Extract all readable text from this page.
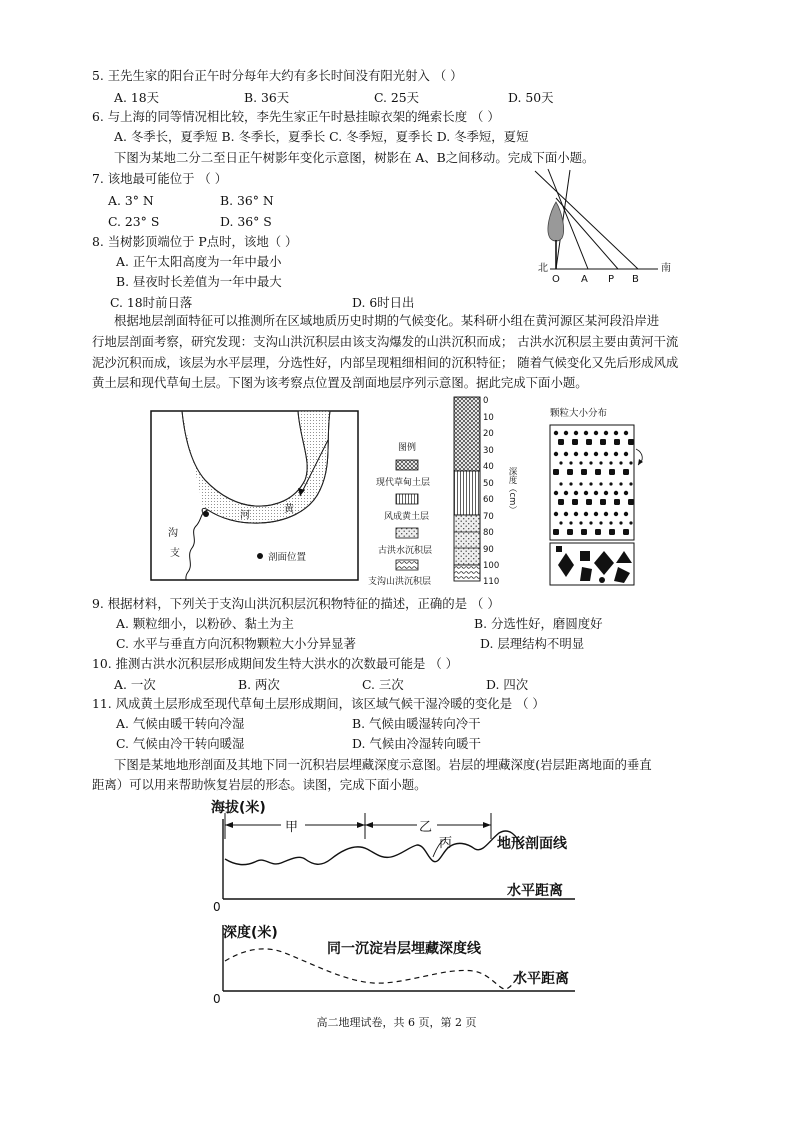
5. 王先生家的阳台正午时分每年大约有多长时间没有阳光射入 （ ）
A. 18天	B. 36天	C. 25天	D. 50天
6. 与上海的同等情况相比较，李先生家正午时悬挂晾衣架的绳索长度 （ ）
A. 冬季长，夏季短 B. 冬季长，夏季长 C. 冬季短，夏季长 D. 冬季短，夏短
下图为某地二分二至日正午树影年变化示意图，树影在 A、B之间移动。完成下面小题。
7. 该地最可能位于 （ ）
A. 3° N	B. 36° N
C. 23° S	D. 36° S
8. 当树影顶端位于 P点时，该地（ ）
A. 正午太阳高度为一年中最小
B. 昼夜时长差值为一年中最大
C. 18时前日落	D. 6时日出
北	南
O A P B
根据地层剖面特征可以推测所在区域地质历史时期的气候变化。某科研小组在黄河源区某河段沿岸进
行地层剖面考察，研究发现：支沟山洪沉积层由该支沟爆发的山洪沉积而成； 古洪水沉积层主要由黄河干流
泥沙沉积而成，该层为水平层理，分选性好，内部呈现粗细相间的沉积特征； 随着气候变化又先后形成风成
黄土层和现代草甸土层。下图为该考察点位置及剖面地层序列示意图。据此完成下面小题。
河
黄
沟
支	剖面位置
图例
现代草甸土层
风成黄土层
古洪水沉积层
支沟山洪沉积层
0
10
20
30
40
50
60
70
80
90
100
110
深度（cm）
颗粒大小分布
9. 根据材料，下列关于支沟山洪沉积层沉积物特征的描述，正确的是 （ ）
A. 颗粒细小，以粉砂、黏土为主	B. 分选性好，磨圆度好
C. 水平与垂直方向沉积物颗粒大小分异显著	D. 层理结构不明显
10. 推测古洪水沉积层形成期间发生特大洪水的次数最可能是 （ ）
A. 一次	B. 两次	C. 三次	D. 四次
11. 风成黄土层形成至现代草甸土层形成期间，该区域气候干湿冷暖的变化是 （ ）
A. 气候由暖干转向冷湿	B. 气候由暖湿转向冷干
C. 气候由冷干转向暖湿	D. 气候由冷湿转向暖干
下图是某地地形剖面及其地下同一沉积岩层埋藏深度示意图。岩层的埋藏深度(岩层距离地面的垂直
距离）可以用来帮助恢复岩层的形态。读图，完成下面小题。
海拔(米)
0
水平距离
甲	乙
丙	地形剖面线
深度(米)
0
同一沉淀岩层埋藏深度线
水平距离
高二地理试卷，共 6 页，第 2 页
